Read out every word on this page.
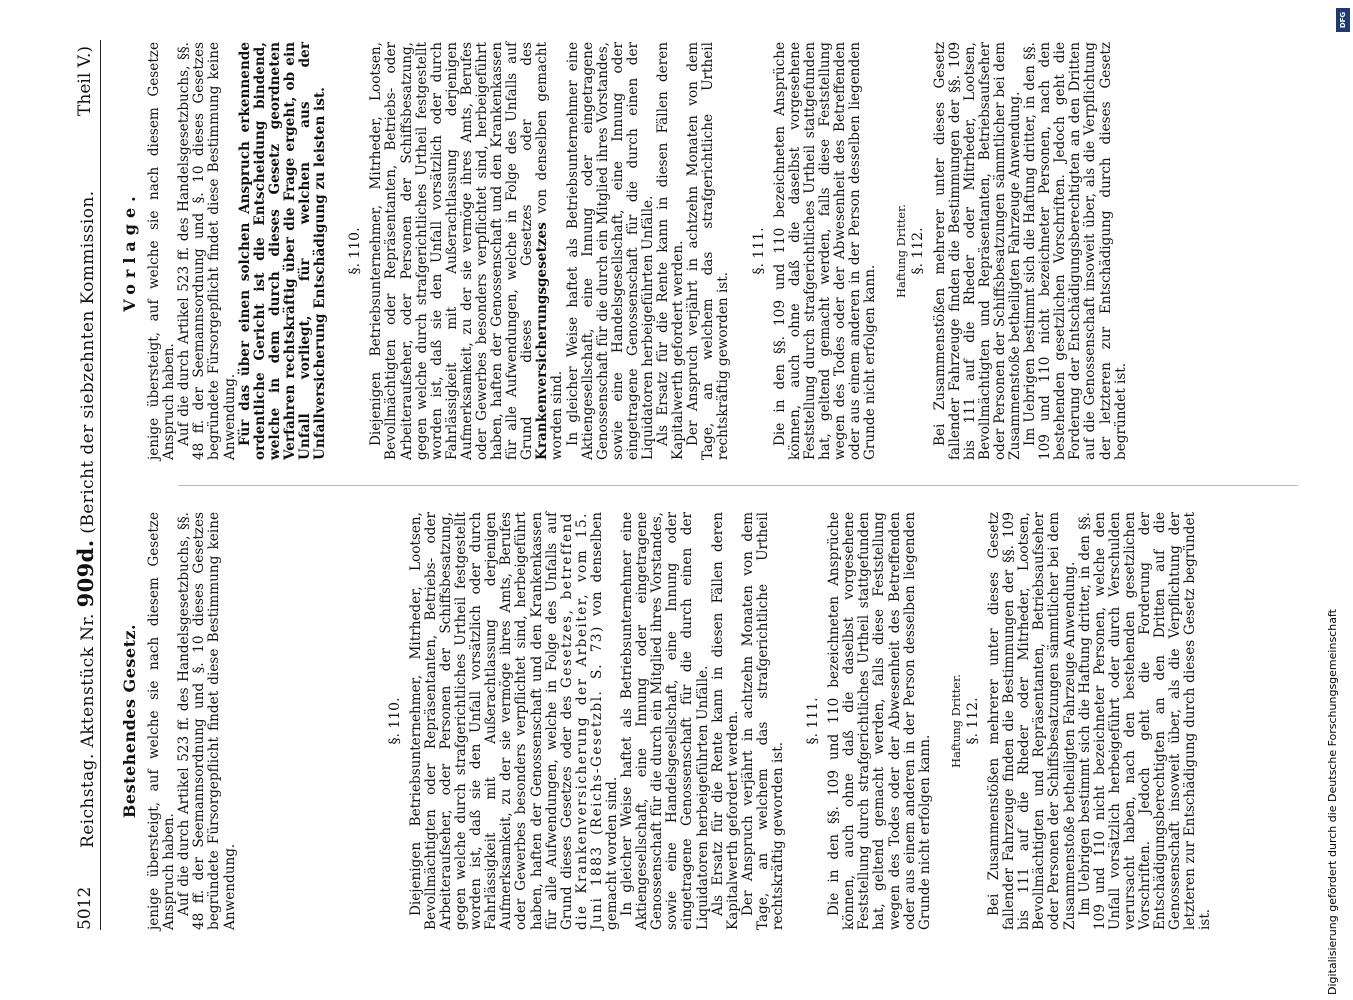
5012
Reichstag. Aktenstück Nr. 909d. (Bericht der siebzehnten Kommission.
Theil V.)
Bestehendes Gesetz. jenige übersteigt, auf welche sie nach diesem Gesetze Anspruch haben. Auf die durch Artikel 523 ff. des Handelsgesetzbuchs, §§. 48 ff. der Seemannsordnung und §. 10 dieses Gesetzes begründete Fürsorgepflicht findet diese Bestimmung keine Anwendung.

§. 110. Diejenigen Betriebsunternehmer, Mitrheder, Lootsen, Bevollmächtigten oder Repräsentanten, Betriebs- oder Arbeiteraufseher, oder Personen der Schiffsbesatzung, gegen welche durch strafgerichtliches Urtheil festgestellt worden ist, daß sie den Unfall vorsätzlich oder durch Fahrlässigkeit mit Außerachtlassung derjenigen Aufmerksamkeit, zu der sie vermöge ihres Amts, Berufes oder Gewerbes besonders verpflichtet sind, herbeigeführt haben, haften der Genossenschaft und den Krankenkassen für alle Aufwendungen, welche in Folge des Unfalls auf Grund dieses Gesetzes oder des Gesetzes, betreffend die Krankenversicherung der Arbeiter, vom 15. Juni 1883 (Reichs-Gesetzbl. S. 73) von denselben gemacht worden sind. In gleicher Weise haftet als Betriebsunternehmer eine Aktiengesellschaft, eine Innung oder eingetragene Genossenschaft für die durch ein Mitglied ihres Vorstandes, sowie eine Handelsgesellschaft, eine Innung oder eingetragene Genossenschaft für die durch einen der Liquidatoren herbeigeführten Unfälle. Als Ersatz für die Rente kann in diesen Fällen deren Kapitalwerth gefordert werden. Der Anspruch verjährt in achtzehn Monaten von dem Tage, an welchem das strafgerichtliche Urtheil rechtskräftig geworden ist.

§. 111. Die in den §§. 109 und 110 bezeichneten Ansprüche können, auch ohne daß die daselbst vorgesehene Feststellung durch strafgerichtliches Urtheil stattgefunden hat, geltend gemacht werden, falls diese Feststellung wegen des Todes oder der Abwesenheit des Betreffenden oder aus einem anderen in der Person desselben liegenden Grunde nicht erfolgen kann.

Haftung Dritter. §. 112. Bei Zusammenstößen mehrerer unter dieses Gesetz fallender Fahrzeuge finden die Bestimmungen der §§. 109 bis 111 auf die Rheder oder Mitrheder, Lootsen, Bevollmächtigten und Repräsentanten, Betriebsaufseher oder Personen der Schiffsbesatzungen sämmtlicher bei dem Zusammenstoße betheiligten Fahrzeuge Anwendung. Im Uebrigen bestimmt sich die Haftung dritter, in den §§. 109 und 110 nicht bezeichneter Personen, welche den Unfall vorsätzlich herbeigeführt oder durch Verschulden verursacht haben, nach den bestehenden gesetzlichen Vorschriften. Jedoch geht die Forderung der Entschädigungsberechtigten an den Dritten auf die Genossenschaft insoweit über, als die Verpflichtung der letzteren zur Entschädigung durch dieses Gesetz begründet ist.

Vorlage. jenige übersteigt, auf welche sie nach diesem Gesetze Anspruch haben. Auf die durch Artikel 523 ff. des Handelsgesetzbuchs, §§. 48 ff. der Seemannsordnung und §. 10 dieses Gesetzes begründete Fürsorgepflicht findet diese Bestimmung keine Anwendung. Für das über einen solchen Anspruch erkennende ordentliche Gericht ist die Entscheidung bindend, welche in dem durch dieses Gesetz geordneten Verfahren rechtskräftig über die Frage ergeht, ob ein Unfall vorliegt, für welchen aus der Unfallversicherung Entschädigung zu leisten ist. §. 110. Diejenigen Betriebsunternehmer, Mitrheder, Lootsen, Bevollmächtigten oder Repräsentanten, Betriebs- oder Arbeiteraufseher, oder Personen der Schiffsbesatzung, gegen welche durch strafgerichtliches Urtheil festgestellt worden ist, daß sie den Unfall vorsätzlich oder durch Fahrlässigkeit mit Außerachtlassung derjenigen Aufmerksamkeit, zu der sie vermöge ihres Amts, Berufes oder Gewerbes besonders verpflichtet sind, herbeigeführt haben, haften der Genossenschaft und den Krankenkassen für alle Aufwendungen, welche in Folge des Unfalls auf Grund dieses Gesetzes oder des Krankenversicherungsgesetzes von denselben gemacht worden sind. In gleicher Weise haftet als Betriebsunternehmer eine Aktiengesellschaft, eine Innung oder eingetragene Genossenschaft für die durch ein Mitglied ihres Vorstandes, sowie eine Handelsgesellschaft, eine Innung oder eingetragene Genossenschaft für die durch einen der Liquidatoren herbeigeführten Unfälle. Als Ersatz für die Rente kann in diesen Fällen deren Kapitalwerth gefordert werden. Der Anspruch verjährt in achtzehn Monaten von dem Tage, an welchem das strafgerichtliche Urtheil rechtskräftig geworden ist.

§. 111. Die in den §§. 109 und 110 bezeichneten Ansprüche können, auch ohne daß die daselbst vorgesehene Feststellung durch strafgerichtliches Urtheil stattgefunden hat, geltend gemacht werden, falls diese Feststellung wegen des Todes oder der Abwesenheit des Betreffenden oder aus einem anderen in der Person desselben liegenden Grunde nicht erfolgen kann.

Haftung Dritter. §. 112. Bei Zusammenstößen mehrerer unter dieses Gesetz fallender Fahrzeuge finden die Bestimmungen der §§. 109 bis 111 auf die Rheder oder Mitrheder, Lootsen, Bevollmächtigten und Repräsentanten, Betriebsaufseher oder Personen der Schiffsbesatzungen sämmtlicher bei dem Zusammenstoße betheiligten Fahrzeuge Anwendung. Im Uebrigen bestimmt sich die Haftung dritter, in den §§. 109 und 110 nicht bezeichneter Personen, nach den bestehenden gesetzlichen Vorschriften. Jedoch geht die Forderung der Entschädigungsberechtigten an den Dritten auf die Genossenschaft insoweit über, als die Verpflichtung der letzteren zur Entschädigung durch dieses Gesetz begründet ist.

Digitalisierung gefördert durch die Deutsche Forschungsgemeinschaft
DFG
